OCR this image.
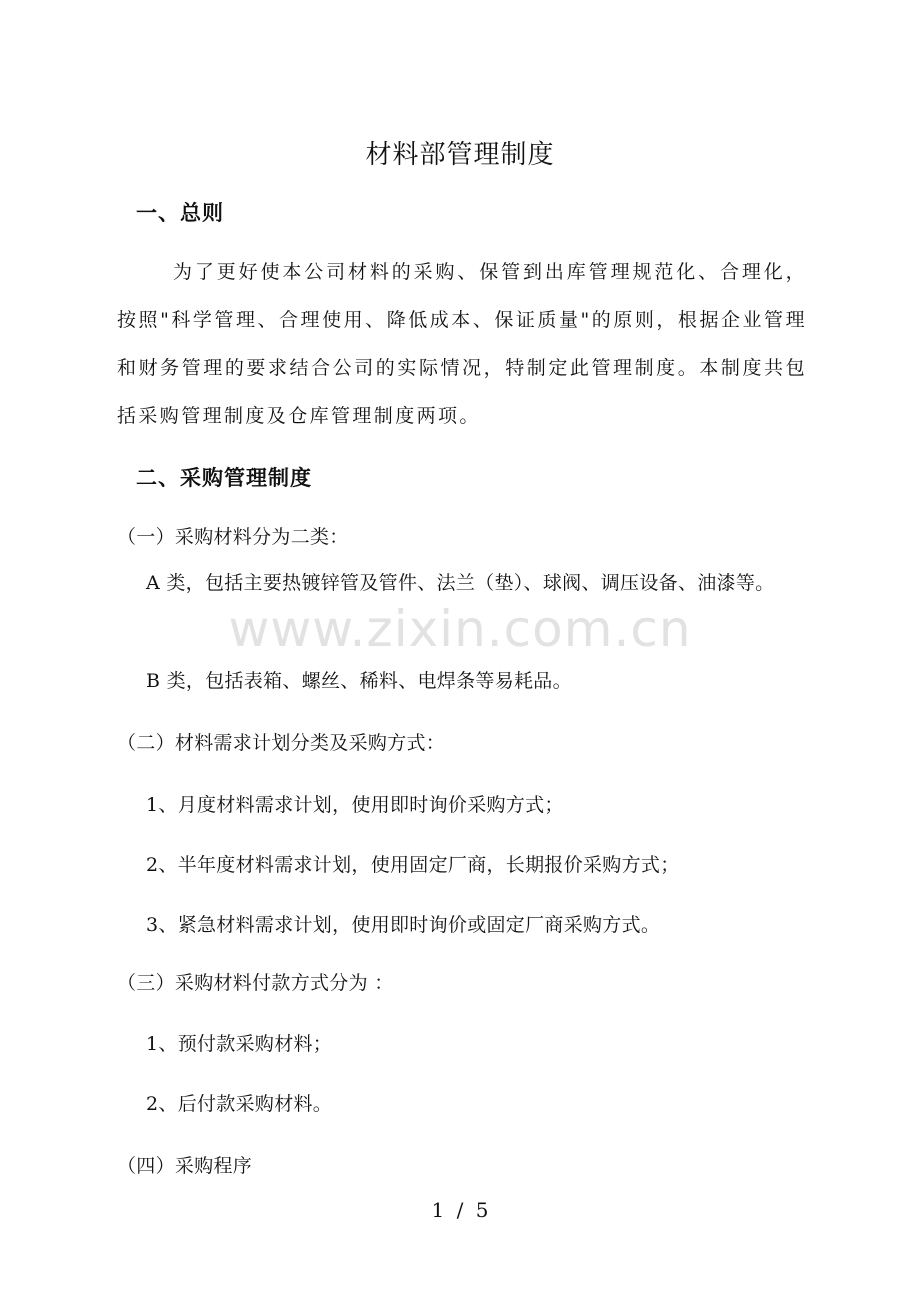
www.zixin.com.cn
材料部管理制度
一、总则
为了更好使本公司材料的采购、保管到出库管理规范化、合理化，按照"科学管理、合理使用、降低成本、保证质量"的原则，根据企业管理和财务管理的要求结合公司的实际情况，特制定此管理制度。本制度共包括采购管理制度及仓库管理制度两项。
二、采购管理制度
（一）采购材料分为二类：
A 类，包括主要热镀锌管及管件、法兰（垫）、球阀、调压设备、油漆等。
B 类，包括表箱、螺丝、稀料、电焊条等易耗品。
（二）材料需求计划分类及采购方式：
1、月度材料需求计划，使用即时询价采购方式；
2、半年度材料需求计划，使用固定厂商，长期报价采购方式；
3、紧急材料需求计划，使用即时询价或固定厂商采购方式。
（三）采购材料付款方式分为 ：
1、预付款采购材料；
2、后付款采购材料。
（四）采购程序
1 / 5
